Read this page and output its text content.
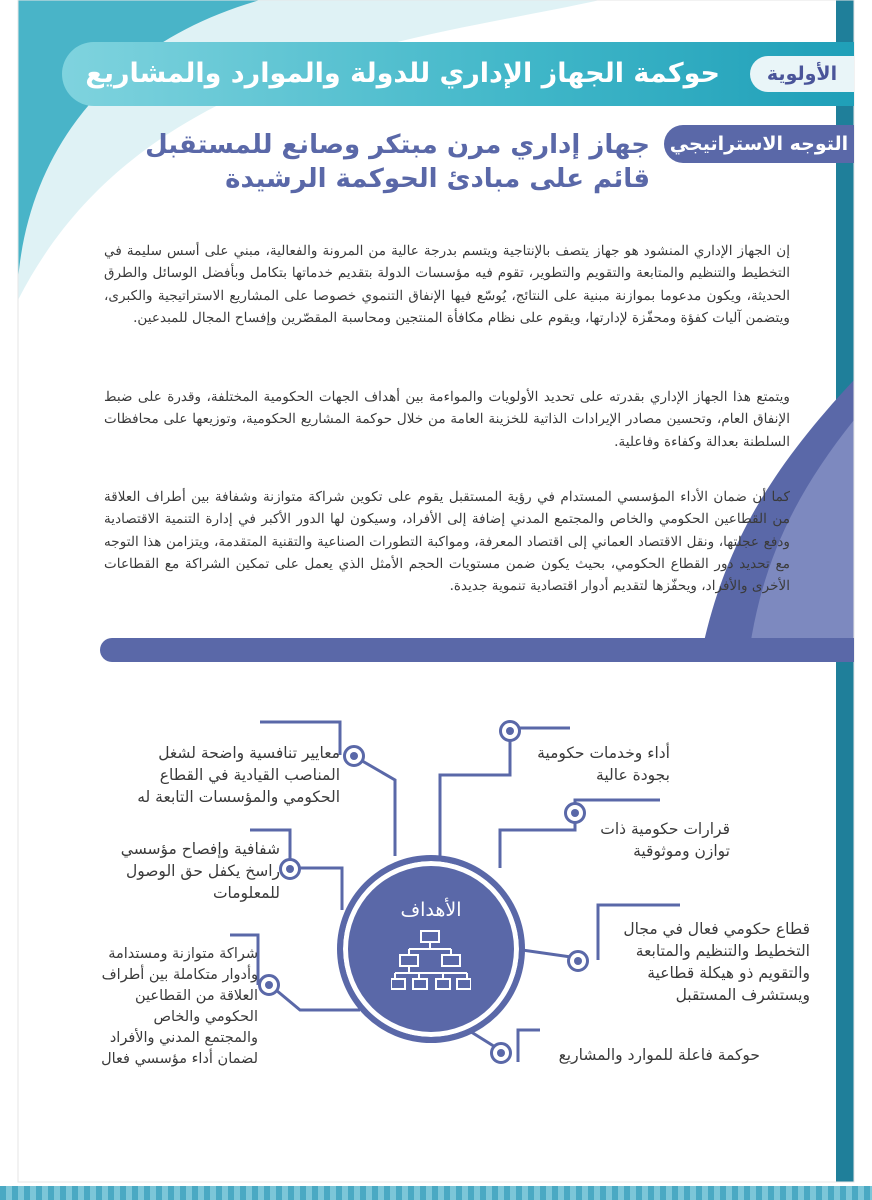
حوكمة الجهاز الإداري للدولة والموارد والمشاريع	الأولوية
التوجه الاستراتيجي
جهاز إداري مرن مبتكر وصانع للمستقبل
قائم على مبادئ الحوكمة الرشيدة
إن الجهاز الإداري المنشود هو جهاز يتصف بالإنتاجية ويتسم بدرجة عالية من المرونة والفعالية، مبني على أسس سليمة في التخطيط والتنظيم والمتابعة والتقويم والتطوير، تقوم فيه مؤسسات الدولة بتقديم خدماتها بتكامل وبأفضل الوسائل والطرق الحديثة، ويكون مدعوما بموازنة مبنية على النتائج، يُوسّع فيها الإنفاق التنموي خصوصا على المشاريع الاستراتيجية والكبرى، ويتضمن آليات كفؤة ومحفّزة لإدارتها، ويقوم على نظام مكافأة المنتجين ومحاسبة المقصّرين وإفساح المجال للمبدعين.
ويتمتع هذا الجهاز الإداري بقدرته على تحديد الأولويات والمواءمة بين أهداف الجهات الحكومية المختلفة، وقدرة على ضبط الإنفاق العام، وتحسين مصادر الإيرادات الذاتية للخزينة العامة من خلال حوكمة المشاريع الحكومية، وتوزيعها على محافظات السلطنة بعدالة وكفاءة وفاعلية.
كما أن ضمان الأداء المؤسسي المستدام في رؤية المستقبل يقوم على تكوين شراكة متوازنة وشفافة بين أطراف العلاقة من القطاعين الحكومي والخاص والمجتمع المدني إضافة إلى الأفراد، وسيكون لها الدور الأكبر في إدارة التنمية الاقتصادية ودفع عجلتها، ونقل الاقتصاد العماني إلى اقتصاد المعرفة، ومواكبة التطورات الصناعية والتقنية المتقدمة، ويتزامن هذا التوجه مع تحديد دور القطاع الحكومي، بحيث يكون ضمن مستويات الحجم الأمثل الذي يعمل على تمكين الشراكة مع القطاعات الأخرى والأفراد، ويحفّزها لتقديم أدوار اقتصادية تنموية جديدة.
الأهداف
أداء وخدمات حكومية بجودة عالية
قرارات حكومية ذات توازن وموثوقية
قطاع حكومي فعال في مجال التخطيط والتنظيم والمتابعة والتقويم ذو هيكلة قطاعية ويستشرف المستقبل
حوكمة فاعلة للموارد والمشاريع
معايير تنافسية واضحة لشغل المناصب القيادية في القطاع الحكومي والمؤسسات التابعة له
شفافية وإفصاح مؤسسي راسخ يكفل حق الوصول للمعلومات
شراكة متوازنة ومستدامة وأدوار متكاملة بين أطراف العلاقة من القطاعين الحكومي والخاص والمجتمع المدني والأفراد لضمان أداء مؤسسي فعال
